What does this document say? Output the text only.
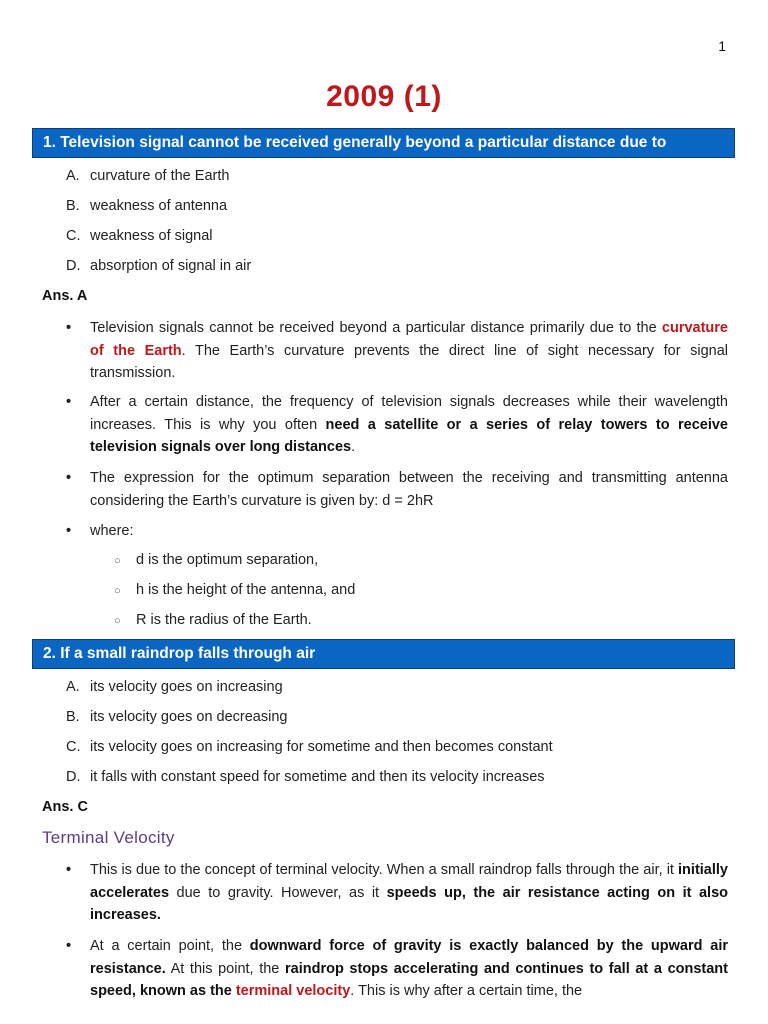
1
2009 (1)
1. Television signal cannot be received generally beyond a particular distance due to
A. curvature of the Earth
B. weakness of antenna
C. weakness of signal
D. absorption of signal in air
Ans. A
• Television signals cannot be received beyond a particular distance primarily due to the curvature of the Earth. The Earth’s curvature prevents the direct line of sight necessary for signal transmission.
• After a certain distance, the frequency of television signals decreases while their wavelength increases. This is why you often need a satellite or a series of relay towers to receive television signals over long distances.
• The expression for the optimum separation between the receiving and transmitting antenna considering the Earth’s curvature is given by: d = 2hR
• where:
○ d is the optimum separation,
○ h is the height of the antenna, and
○ R is the radius of the Earth.
2. If a small raindrop falls through air
A. its velocity goes on increasing
B. its velocity goes on decreasing
C. its velocity goes on increasing for sometime and then becomes constant
D. it falls with constant speed for sometime and then its velocity increases
Ans. C
Terminal Velocity
• This is due to the concept of terminal velocity. When a small raindrop falls through the air, it initially accelerates due to gravity. However, as it speeds up, the air resistance acting on it also increases.
• At a certain point, the downward force of gravity is exactly balanced by the upward air resistance. At this point, the raindrop stops accelerating and continues to fall at a constant speed, known as the terminal velocity. This is why after a certain time, the
